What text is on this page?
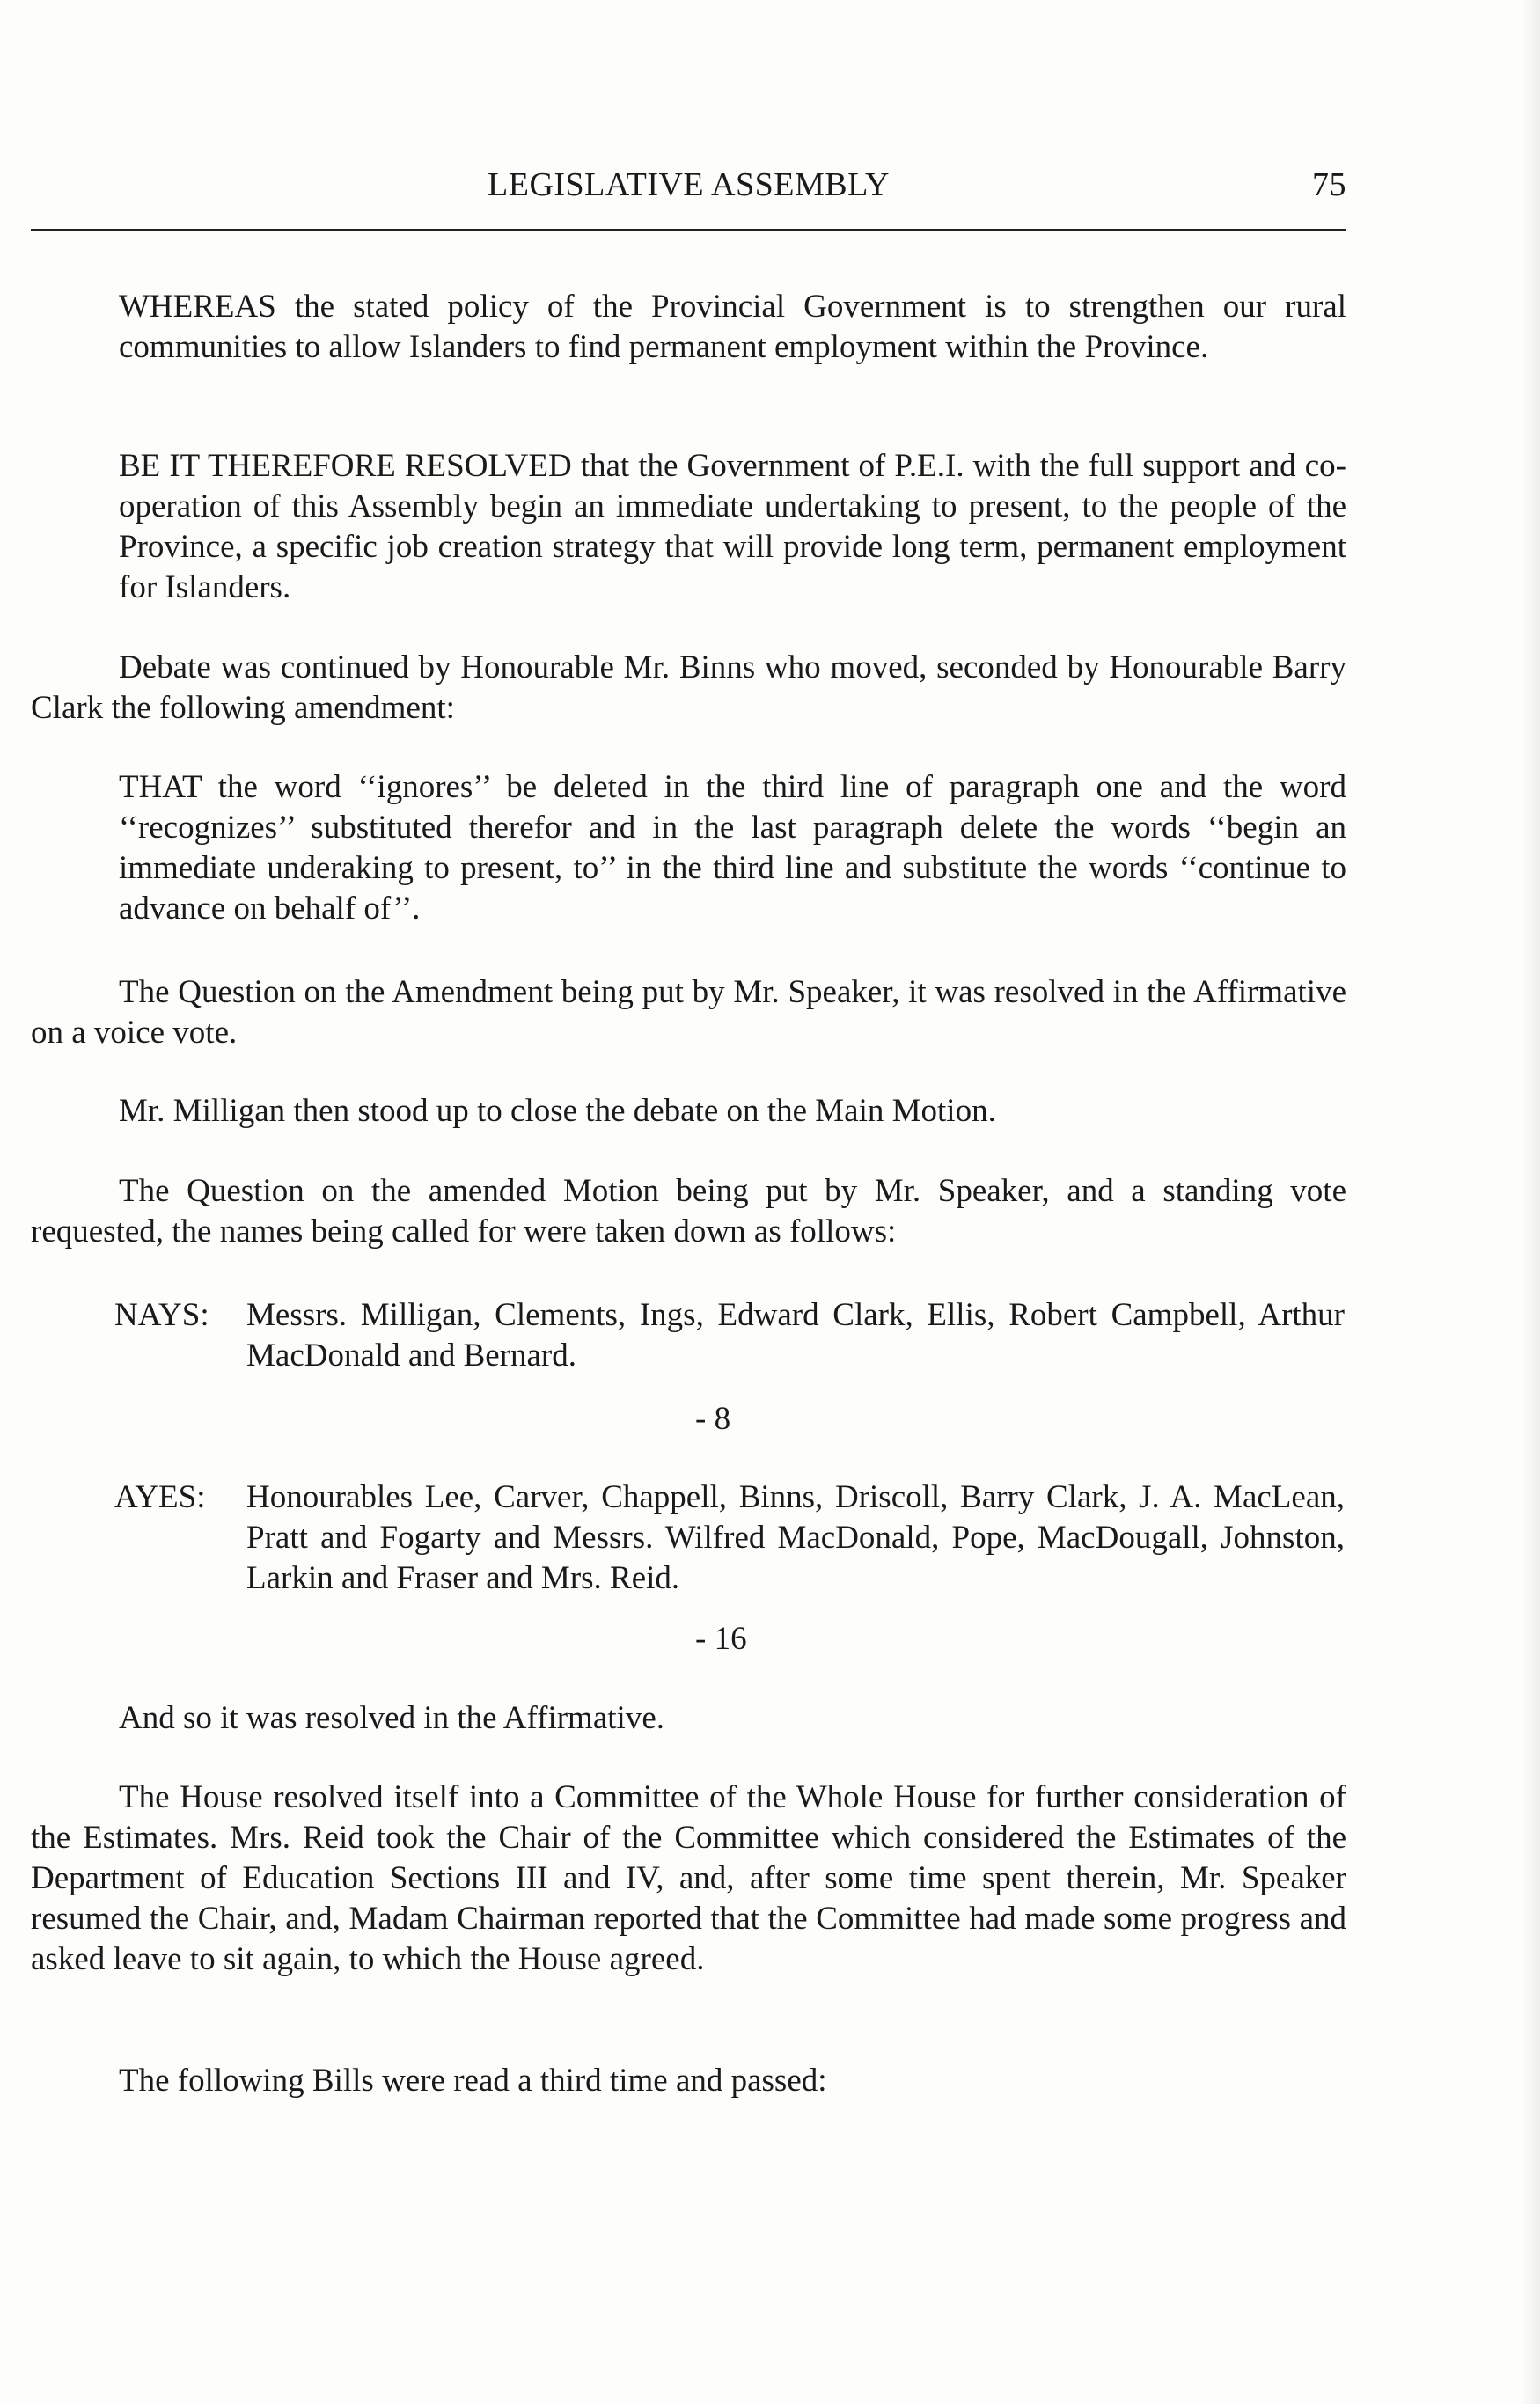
LEGISLATIVE ASSEMBLY	75

WHEREAS the stated policy of the Provincial Government is to strengthen our rural communities to allow Islanders to find permanent employment within the Province.

BE IT THEREFORE RESOLVED that the Government of P.E.I. with the full support and co-operation of this Assembly begin an immediate undertaking to present, to the people of the Province, a specific job creation strategy that will provide long term, permanent employment for Islanders.

Debate was continued by Honourable Mr. Binns who moved, seconded by Honourable Barry Clark the following amendment:

THAT the word ‘‘ignores’’ be deleted in the third line of paragraph one and the word ‘‘recognizes’’ substituted therefor and in the last paragraph delete the words ‘‘begin an immediate underaking to present, to’’ in the third line and substitute the words ‘‘continue to advance on behalf of’’.

The Question on the Amendment being put by Mr. Speaker, it was resolved in the Affirmative on a voice vote.

Mr. Milligan then stood up to close the debate on the Main Motion.

The Question on the amended Motion being put by Mr. Speaker, and a standing vote requested, the names being called for were taken down as follows:

NAYS: Messrs. Milligan, Clements, Ings, Edward Clark, Ellis, Robert Campbell, Arthur MacDonald and Bernard.
- 8
AYES: Honourables Lee, Carver, Chappell, Binns, Driscoll, Barry Clark, J. A. MacLean, Pratt and Fogarty and Messrs. Wilfred MacDonald, Pope, MacDougall, Johnston, Larkin and Fraser and Mrs. Reid.
- 16

And so it was resolved in the Affirmative.

The House resolved itself into a Committee of the Whole House for further consideration of the Estimates. Mrs. Reid took the Chair of the Committee which considered the Estimates of the Department of Education Sections III and IV, and, after some time spent therein, Mr. Speaker resumed the Chair, and, Madam Chairman reported that the Committee had made some progress and asked leave to sit again, to which the House agreed.

The following Bills were read a third time and passed:
